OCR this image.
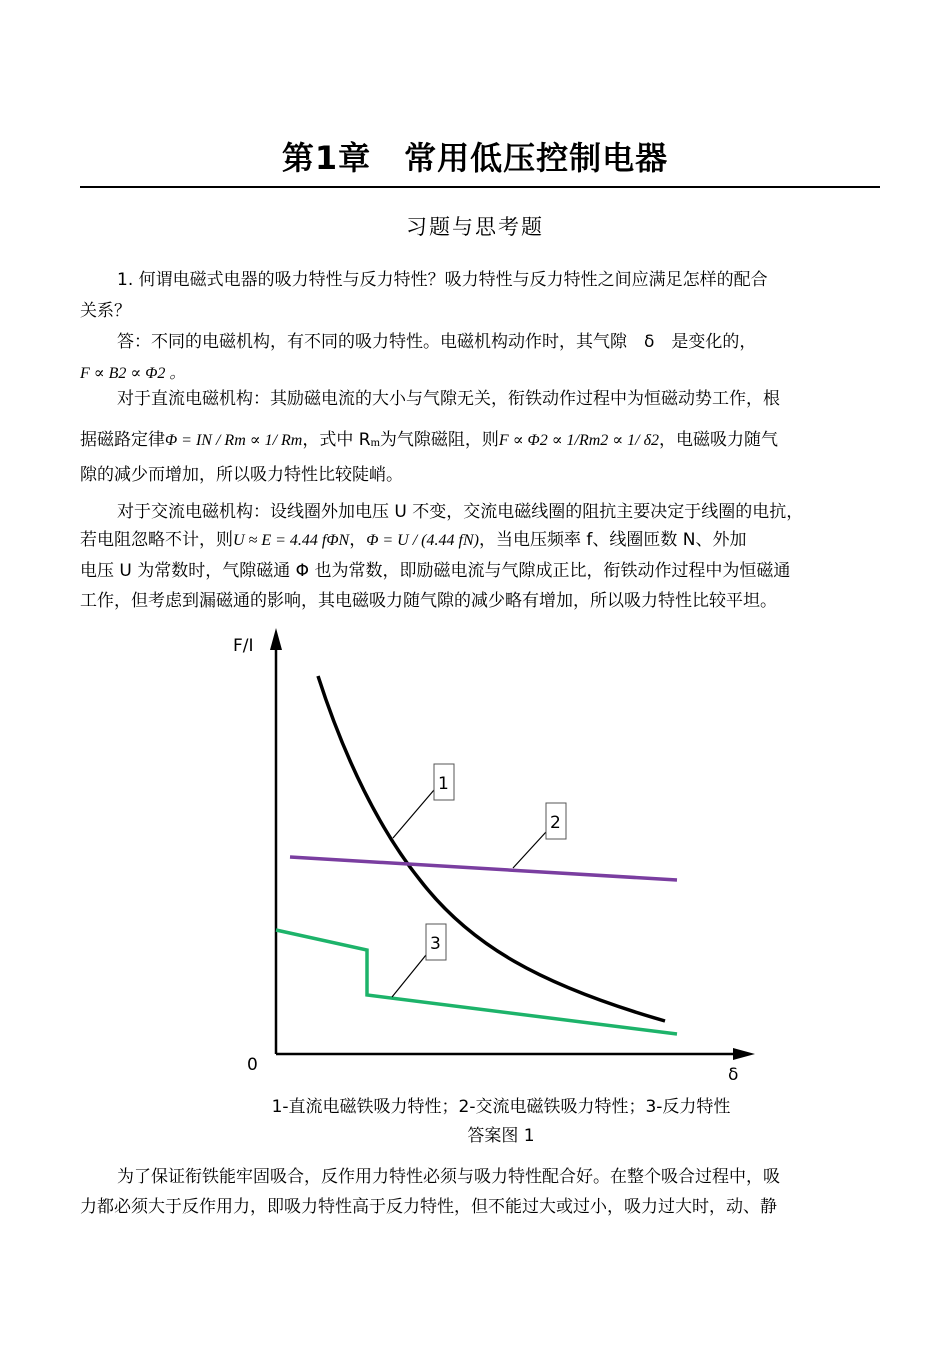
第1章　常用低压控制电器
习题与思考题

1. 何谓电磁式电器的吸力特性与反力特性？吸力特性与反力特性之间应满足怎样的配合

关系？

答：不同的电磁机构，有不同的吸力特性。电磁机构动作时，其气隙　δ　是变化的，

F ∝ B2 ∝ Φ2 。

对于直流电磁机构：其励磁电流的大小与气隙无关，衔铁动作过程中为恒磁动势工作，根

据磁路定律Φ = IN / Rm ∝ 1/ Rm，式中 Rm为气隙磁阻，则F ∝ Φ2 ∝ 1/Rm2 ∝ 1/ δ2，电磁吸力随气

隙的减少而增加，所以吸力特性比较陡峭。

对于交流电磁机构：设线圈外加电压 U 不变，交流电磁线圈的阻抗主要决定于线圈的电抗，

若电阻忽略不计，则U ≈ E = 4.44 fΦN，Φ = U / (4.44 fN)，当电压频率 f、线圈匝数 N、外加

电压 U 为常数时，气隙磁通 Φ 也为常数，即励磁电流与气隙成正比，衔铁动作过程中为恒磁通

工作，但考虑到漏磁通的影响，其电磁吸力随气隙的减少略有增加，所以吸力特性比较平坦。

F/I
δ
0
1
2
3
1-直流电磁铁吸力特性；2-交流电磁铁吸力特性；3-反力特性
答案图 1

为了保证衔铁能牢固吸合，反作用力特性必须与吸力特性配合好。在整个吸合过程中，吸

力都必须大于反作用力，即吸力特性高于反力特性，但不能过大或过小，吸力过大时，动、静
